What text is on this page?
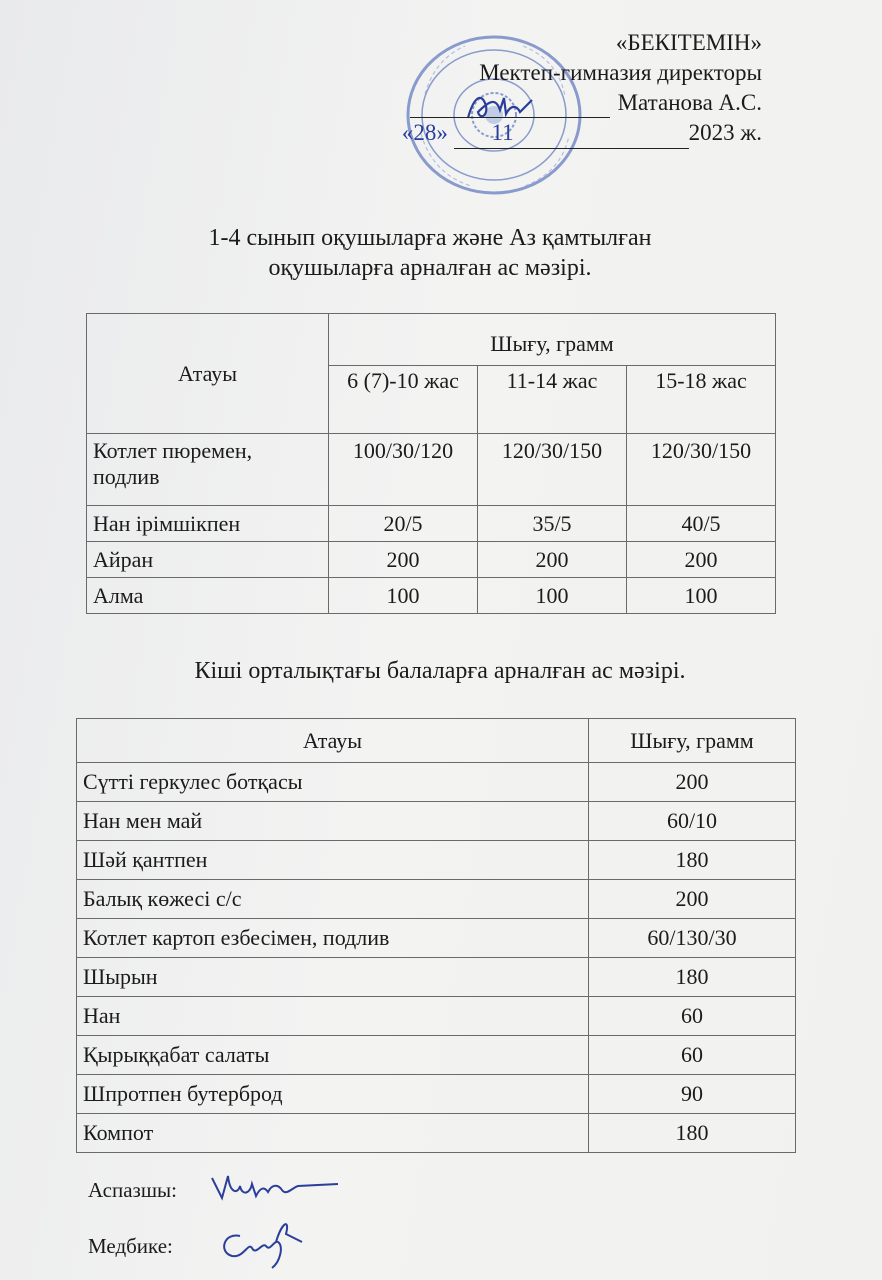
«БЕКІТЕМІН»
Мектеп-гимназия директоры
Матанова А.С.
«28» 11	2023 ж.
1-4 сынып оқушыларға және Аз қамтылған
оқушыларға арналған ас мәзірі.
Атауы	Шығу, грамм		
	6 (7)-10 жас	11-14 жас	15-18 жас
Котлет пюремен, подлив	100/30/120	120/30/150	120/30/150
Нан ірімшікпен	20/5	35/5	40/5
Айран	200	200	200
Алма	100	100	100
Кіші орталықтағы балаларға арналған ас мәзірі.
Атауы	Шығу, грамм
Сүтті геркулес ботқасы	200
Нан мен май	60/10
Шәй қантпен	180
Балық көжесі с/с	200
Котлет картоп езбесімен, подлив	60/130/30
Шырын	180
Нан	60
Қырыққабат салаты	60
Шпротпен бутерброд	90
Компот	180
Аспазшы:
Медбике:
